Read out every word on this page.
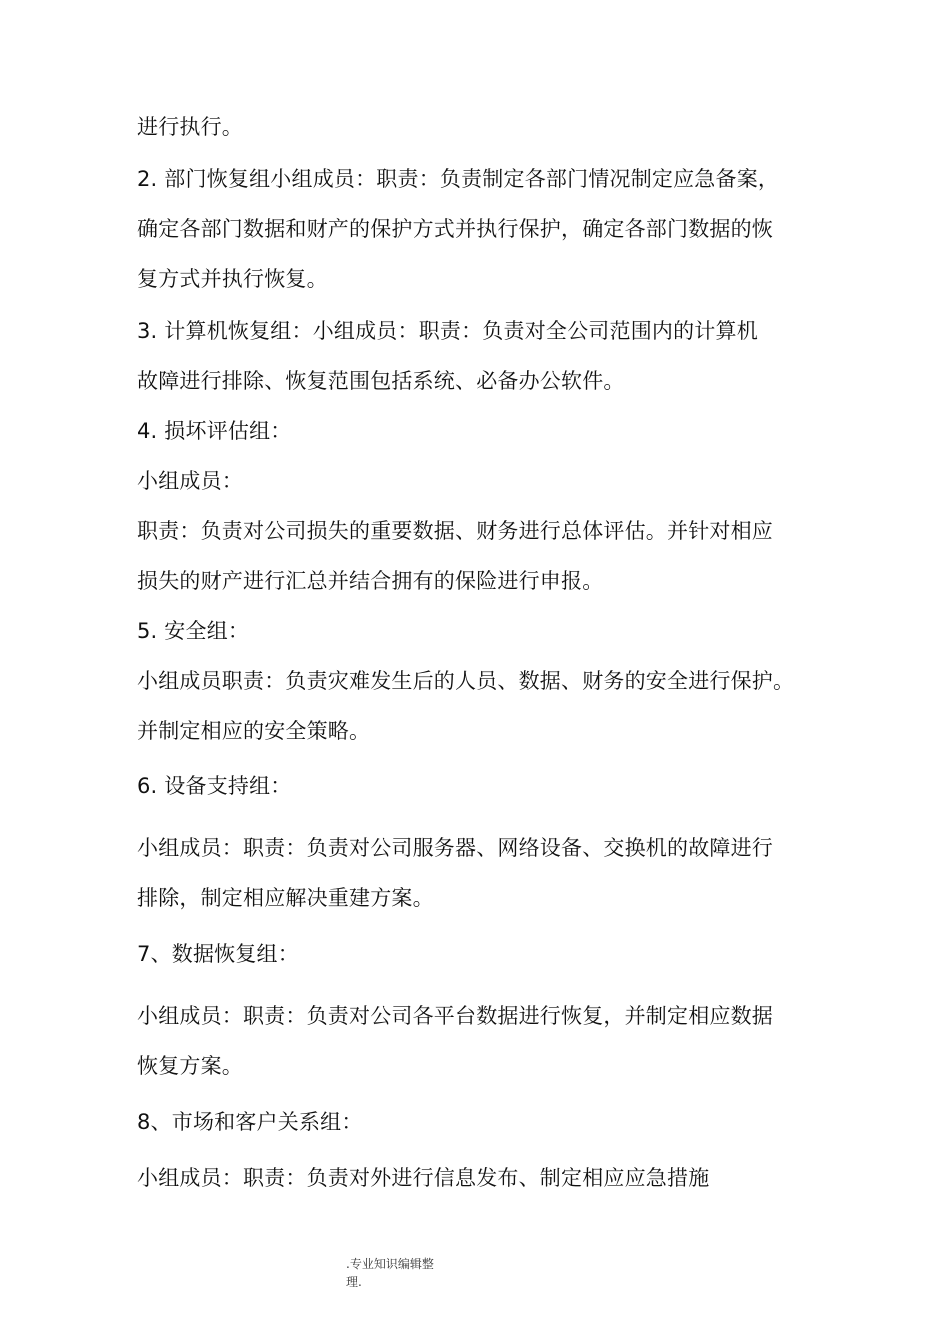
进行执行。
2. 部门恢复组小组成员：职责：负责制定各部门情况制定应急备案，
确定各部门数据和财产的保护方式并执行保护，确定各部门数据的恢
复方式并执行恢复。
3. 计算机恢复组：小组成员：职责：负责对全公司范围内的计算机
故障进行排除、恢复范围包括系统、必备办公软件。
4. 损坏评估组：
小组成员：
职责：负责对公司损失的重要数据、财务进行总体评估。并针对相应
损失的财产进行汇总并结合拥有的保险进行申报。
5. 安全组：
小组成员职责：负责灾难发生后的人员、数据、财务的安全进行保护。
并制定相应的安全策略。
6. 设备支持组：
小组成员：职责：负责对公司服务器、网络设备、交换机的故障进行
排除，制定相应解决重建方案。
7、数据恢复组：
小组成员：职责：负责对公司各平台数据进行恢复，并制定相应数据
恢复方案。
8、市场和客户关系组：
小组成员：职责：负责对外进行信息发布、制定相应应急措施
.专业知识编辑整
理.
